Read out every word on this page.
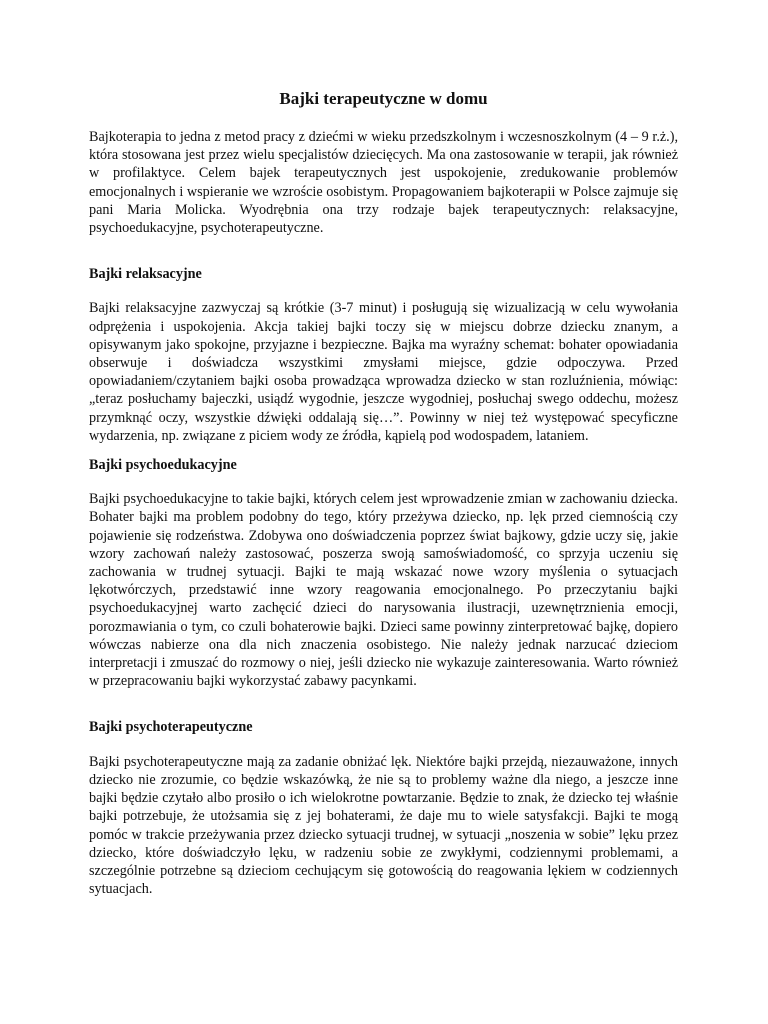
Bajki terapeutyczne w domu

Bajkoterapia to jedna z metod pracy z dziećmi w wieku przedszkolnym i wczesnoszkolnym (4 – 9 r.ż.), która stosowana jest przez wielu specjalistów dziecięcych. Ma ona zastosowanie w terapii, jak również w profilaktyce. Celem bajek terapeutycznych jest uspokojenie, zredukowanie problemów emocjonalnych i wspieranie we wzroście osobistym. Propagowaniem bajkoterapii w Polsce zajmuje się pani Maria Molicka. Wyodrębnia ona trzy rodzaje bajek terapeutycznych: relaksacyjne, psychoedukacyjne, psychoterapeutyczne.

Bajki relaksacyjne

Bajki relaksacyjne zazwyczaj są krótkie (3-7 minut) i posługują się wizualizacją w celu wywołania odprężenia i uspokojenia. Akcja takiej bajki toczy się w miejscu dobrze dziecku znanym, a opisywanym jako spokojne, przyjazne i bezpieczne. Bajka ma wyraźny schemat: bohater opowiadania obserwuje i doświadcza wszystkimi zmysłami miejsce, gdzie odpoczywa. Przed opowiadaniem/czytaniem bajki osoba prowadząca wprowadza dziecko w stan rozluźnienia, mówiąc: „teraz posłuchamy bajeczki, usiądź wygodnie, jeszcze wygodniej, posłuchaj swego oddechu, możesz przymknąć oczy, wszystkie dźwięki oddalają się…”. Powinny w niej też występować specyficzne wydarzenia, np. związane z piciem wody ze źródła, kąpielą pod wodospadem, lataniem.

Bajki psychoedukacyjne

Bajki psychoedukacyjne to takie bajki, których celem jest wprowadzenie zmian w zachowaniu dziecka. Bohater bajki ma problem podobny do tego, który przeżywa dziecko, np. lęk przed ciemnością czy pojawienie się rodzeństwa. Zdobywa ono doświadczenia poprzez świat bajkowy, gdzie uczy się, jakie wzory zachowań należy zastosować, poszerza swoją samoświadomość, co sprzyja uczeniu się zachowania w trudnej sytuacji. Bajki te mają wskazać nowe wzory myślenia o sytuacjach lękotwórczych, przedstawić inne wzory reagowania emocjonalnego. Po przeczytaniu bajki psychoedukacyjnej warto zachęcić dzieci do narysowania ilustracji, uzewnętrznienia emocji, porozmawiania o tym, co czuli bohaterowie bajki. Dzieci same powinny zinterpretować bajkę, dopiero wówczas nabierze ona dla nich znaczenia osobistego. Nie należy jednak narzucać dzieciom interpretacji i zmuszać do rozmowy o niej, jeśli dziecko nie wykazuje zainteresowania. Warto również w przepracowaniu bajki wykorzystać zabawy pacynkami.

Bajki psychoterapeutyczne

Bajki psychoterapeutyczne mają za zadanie obniżać lęk. Niektóre bajki przejdą, niezauważone, innych dziecko nie zrozumie, co będzie wskazówką, że nie są to problemy ważne dla niego, a jeszcze inne bajki będzie czytało albo prosiło o ich wielokrotne powtarzanie. Będzie to znak, że dziecko tej właśnie bajki potrzebuje, że utożsamia się z jej bohaterami, że daje mu to wiele satysfakcji. Bajki te mogą pomóc w trakcie przeżywania przez dziecko sytuacji trudnej, w sytuacji „noszenia w sobie” lęku przez dziecko, które doświadczyło lęku, w radzeniu sobie ze zwykłymi, codziennymi problemami, a szczególnie potrzebne są dzieciom cechującym się gotowością do reagowania lękiem w codziennych sytuacjach.
